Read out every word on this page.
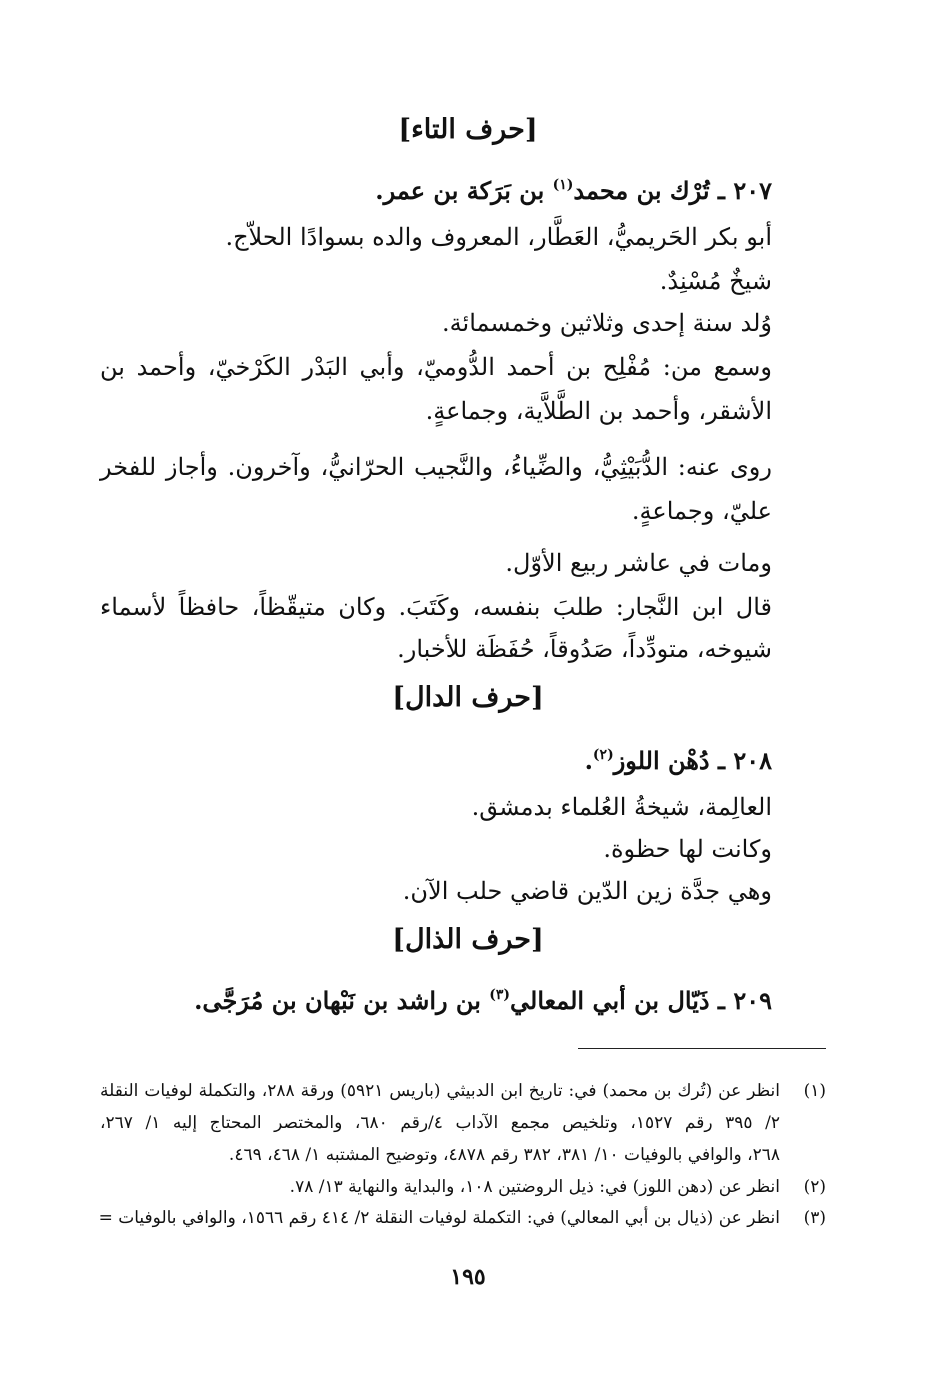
[حرف التاء]
٢٠٧ ـ تُرْك بن محمد$^{(١)}$ بن بَرَكة بن عمر.
أبو بكر الحَريميُّ، العَطَّار، المعروف والده بسوادًا الحلاّج.
شيخٌ مُسْنِدٌ.
وُلد سنة إحدى وثلاثين وخمسمائة.
وسمع من: مُفْلِح بن أحمد الدُّوميّ، وأبي البَدْر الكَرْخيّ، وأحمد بن
الأشقر، وأحمد بن الطَّلاَّية، وجماعةٍ.
روى عنه: الدُّبَيْثِيُّ، والضِّياءُ، والنَّجيب الحرّانيُّ، وآخرون. وأجاز للفخر
عليّ، وجماعةٍ.
ومات في عاشر ربيع الأوّل.
قال ابن النَّجار: طلبَ بنفسه، وكَتَبَ. وكان متيقّظاً، حافظاً لأسماء
شيوخه، متودِّداً، صَدُوقاً، حُفَظَة للأخبار.
[حرف الدال]
٢٠٨ ـ دُهْن اللوز$^{(٢)}$.
العالِمة، شيخةُ العُلماء بدمشق.
وكانت لها حظوة.
وهي جدَّة زين الدّين قاضي حلب الآن.
[حرف الذال]
٢٠٩ ـ ذَيّال بن أبي المعالي$^{(٣)}$ بن راشد بن نَبْهان بن مُرَجَّى.
(١)انظر عن (تُرك بن محمد) في: تاريخ ابن الدبيثي (باريس ٥٩٢١) ورقة ٢٨٨، والتكملة لوفيات النقلة
٢/ ٣٩٥ رقم ١٥٢٧، وتلخيص مجمع الآداب ٤/رقم ٦٨٠، والمختصر المحتاج إليه ١/ ٢٦٧،
٢٦٨، والوافي بالوفيات ١٠/ ٣٨١، ٣٨٢ رقم ٤٨٧٨، وتوضيح المشتبه ١/ ٤٦٨، ٤٦٩.
(٢)انظر عن (دهن اللوز) في: ذيل الروضتين ١٠٨، والبداية والنهاية ١٣/ ٧٨.
(٣)انظر عن (ذيال بن أبي المعالي) في: التكملة لوفيات النقلة ٢/ ٤١٤ رقم ١٥٦٦، والوافي بالوفيات =
١٩٥
